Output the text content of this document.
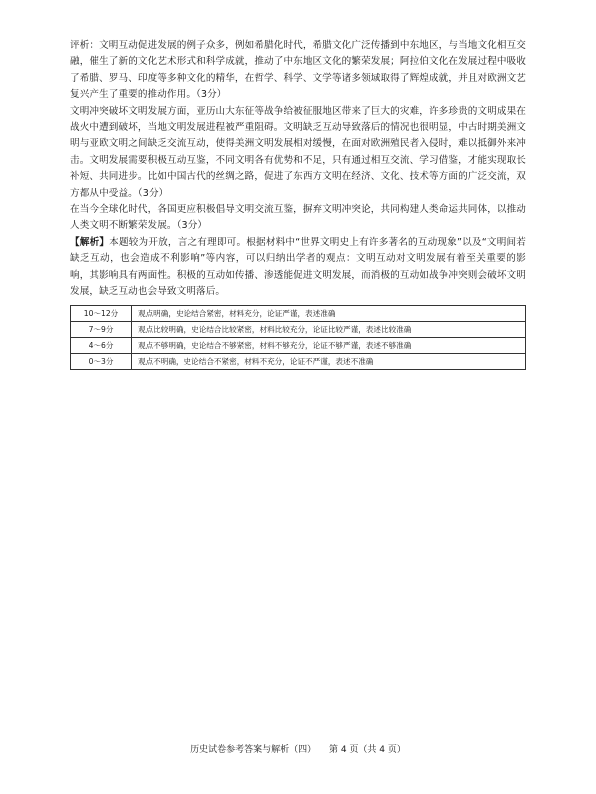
评析：文明互动促进发展的例子众多，例如希腊化时代，希腊文化广泛传播到中东地区，与当地文化相互交融，催生了新的文化艺术形式和科学成就，推动了中东地区文化的繁荣发展；阿拉伯文化在发展过程中吸收了希腊、罗马、印度等多种文化的精华，在哲学、科学、文学等诸多领域取得了辉煌成就，并且对欧洲文艺复兴产生了重要的推动作用。（3分）

文明冲突破坏文明发展方面，亚历山大东征等战争给被征服地区带来了巨大的灾难，许多珍贵的文明成果在战火中遭到破坏，当地文明发展进程被严重阻碍。文明缺乏互动导致落后的情况也很明显，中古时期美洲文明与亚欧文明之间缺乏交流互动，使得美洲文明发展相对缓慢，在面对欧洲殖民者入侵时，难以抵御外来冲击。文明发展需要积极互动互鉴，不同文明各有优势和不足，只有通过相互交流、学习借鉴，才能实现取长补短、共同进步。比如中国古代的丝绸之路，促进了东西方文明在经济、文化、技术等方面的广泛交流，双方都从中受益。（3分）

在当今全球化时代，各国更应积极倡导文明交流互鉴，摒弃文明冲突论，共同构建人类命运共同体，以推动人类文明不断繁荣发展。（3分）

【解析】本题较为开放，言之有理即可。根据材料中“世界文明史上有许多著名的互动现象”以及“文明间若缺乏互动，也会造成不利影响”等内容，可以归纳出学者的观点：文明互动对文明发展有着至关重要的影响，其影响具有两面性。积极的互动如传播、渗透能促进文明发展，而消极的互动如战争冲突则会破坏文明发展，缺乏互动也会导致文明落后。

10～12分	观点明确，史论结合紧密，材料充分，论证严谨，表述准确
7～9分	观点比较明确，史论结合比较紧密，材料比较充分，论证比较严谨，表述比较准确
4～6分	观点不够明确，史论结合不够紧密，材料不够充分，论证不够严谨，表述不够准确
0～3分	观点不明确，史论结合不紧密，材料不充分，论证不严谨，表述不准确
历史试卷参考答案与解析（四） 第 4 页（共 4 页）
